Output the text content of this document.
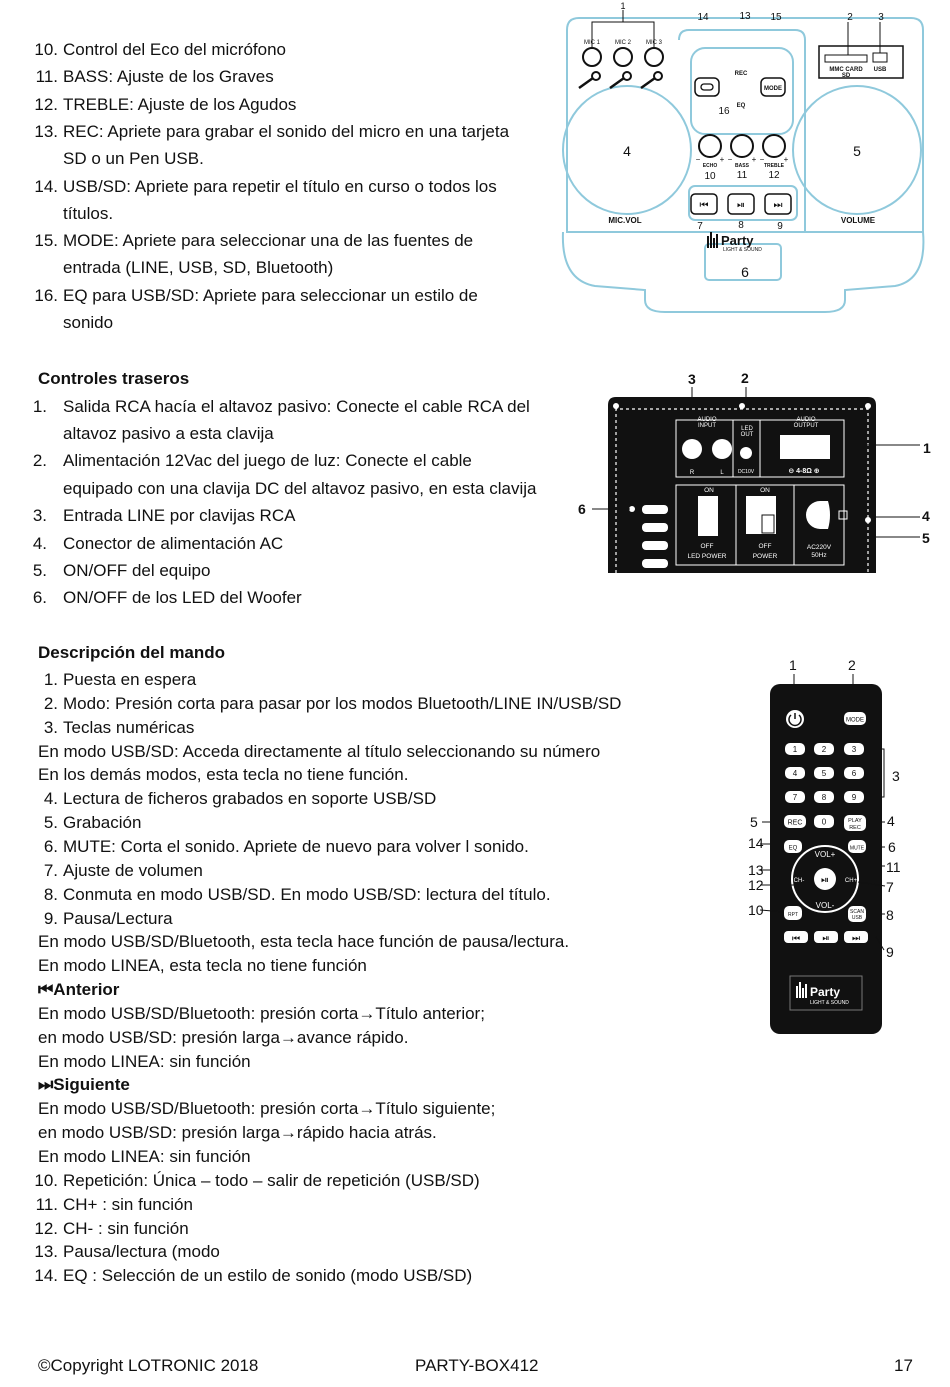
10. Control del Eco del micrófono
11. BASS: Ajuste de los Graves
12. TREBLE: Ajuste de los Agudos
13. REC: Apriete para grabar el sonido del micro en una tarjeta
SD o un Pen USB.
14. USB/SD: Apriete para repetir el título en curso o todos los
títulos.
15. MODE: Apriete para seleccionar una de las fuentes de
entrada (LINE, USB, SD, Bluetooth)
16. EQ para USB/SD: Apriete para seleccionar un estilo de
sonido
MIC 1 MIC 2 MIC 3
REC
MODE
EQ
MMC CARD
SD
USB
ECHO	BASS	TREBLE
− + − + − +
⏮	⏯	⏭
MIC.VOL	VOLUME
Party
LIGHT & SOUND
1
14	13 15	2	3
4	5
16
10 11 12
7	8	9
6
AUDIO
INPUT	LED
OUT
AUDIO
OUTPUT
R	L	DC10V	⊖ 4-8Ω ⊕
ON
OFF
LED POWER
ON
OFF
POWER
AC220V
50Hz
3	2
1
6	4
5
MODE
1	2	3
4	5	6
7	8	9
REC 0	PLAY
REC
EQ	MUTE
⏯
VOL+
VOL-
CH-	CH+
RPT	SCAN
USB
⏮ ⏯ ⏭
Party
LIGHT & SOUND
1	2
3
4
5
14	6
13	11
12	7
10	8
9
Controles traseros
1. Salida RCA hacía el altavoz pasivo: Conecte el cable RCA del
altavoz pasivo a esta clavija
2. Alimentación 12Vac del juego de luz: Conecte el cable
equipado con una clavija DC del altavoz pasivo, en esta clavija
3. Entrada LINE por clavijas RCA
4. Conector de alimentación AC
5. ON/OFF del equipo
6. ON/OFF de los LED del Woofer
Descripción del mando
1. Puesta en espera
2. Modo: Presión corta para pasar por los modos Bluetooth/LINE IN/USB/SD
3. Teclas numéricas
En modo USB/SD: Acceda directamente al título seleccionando su número
En los demás modos, esta tecla no tiene función.
4. Lectura de ficheros grabados en soporte USB/SD
5. Grabación
6. MUTE: Corta el sonido. Apriete de nuevo para volver l sonido.
7. Ajuste de volumen
8. Conmuta en modo USB/SD. En modo USB/SD: lectura del título.
9. Pausa/Lectura
En modo USB/SD/Bluetooth, esta tecla hace función de pausa/lectura.
En modo LINEA, esta tecla no tiene función
⏮Anterior
En modo USB/SD/Bluetooth: presión corta→Título anterior;
en modo USB/SD: presión larga→avance rápido.
En modo LINEA: sin función
⏭Siguiente
En modo USB/SD/Bluetooth: presión corta→Título siguiente;
en modo USB/SD: presión larga→rápido hacia atrás.
En modo LINEA: sin función
10. Repetición: Única – todo – salir de repetición (USB/SD)
11. CH+ : sin función
12. CH- : sin función
13. Pausa/lectura (modo
14. EQ : Selección de un estilo de sonido (modo USB/SD)
©Copyright LOTRONIC 2018	PARTY-BOX412	17
